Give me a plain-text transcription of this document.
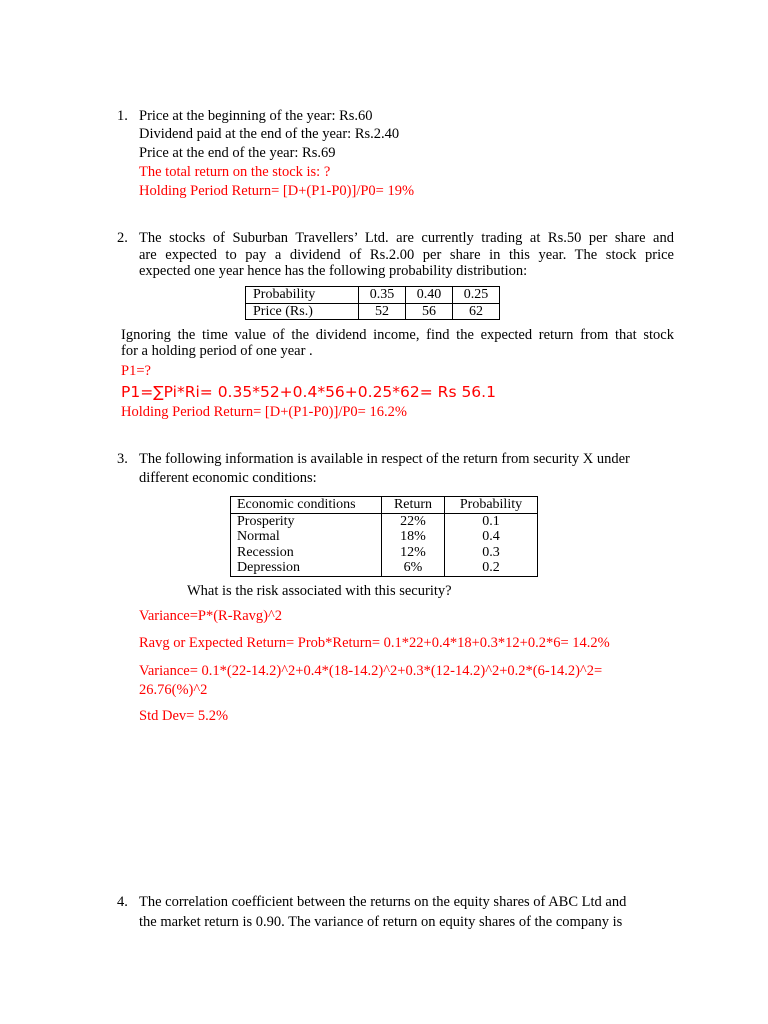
1. Price at the beginning of the year: Rs.60
Dividend paid at the end of the year: Rs.2.40
Price at the end of the year: Rs.69
The total return on the stock is: ?
Holding Period Return= [D+(P1-P0)]/P0= 19%
2. The stocks of Suburban Travellers’ Ltd. are currently trading at Rs.50 per share and
are expected to pay a dividend of Rs.2.00 per share in this year. The stock price
expected one year hence has the following probability distribution:
Probability	0.35	0.40	0.25
Price (Rs.)	52	56	62
Ignoring the time value of the dividend income, find the expected return from that stock
for a holding period of one year .
P1=?
P1=∑Pi*Ri= 0.35*52+0.4*56+0.25*62= Rs 56.1
Holding Period Return= [D+(P1-P0)]/P0= 16.2%
3. The following information is available in respect of the return from security X under
different economic conditions:
Economic conditions	Return	Probability
Prosperity	22%	0.1
Normal	18%	0.4
Recession	12%	0.3
Depression	6%	0.2
What is the risk associated with this security?
Variance=P*(R-Ravg)^2
Ravg or Expected Return= Prob*Return= 0.1*22+0.4*18+0.3*12+0.2*6= 14.2%
Variance= 0.1*(22-14.2)^2+0.4*(18-14.2)^2+0.3*(12-14.2)^2+0.2*(6-14.2)^2=
26.76(%)^2
Std Dev= 5.2%
4. The correlation coefficient between the returns on the equity shares of ABC Ltd and
the market return is 0.90. The variance of return on equity shares of the company is
